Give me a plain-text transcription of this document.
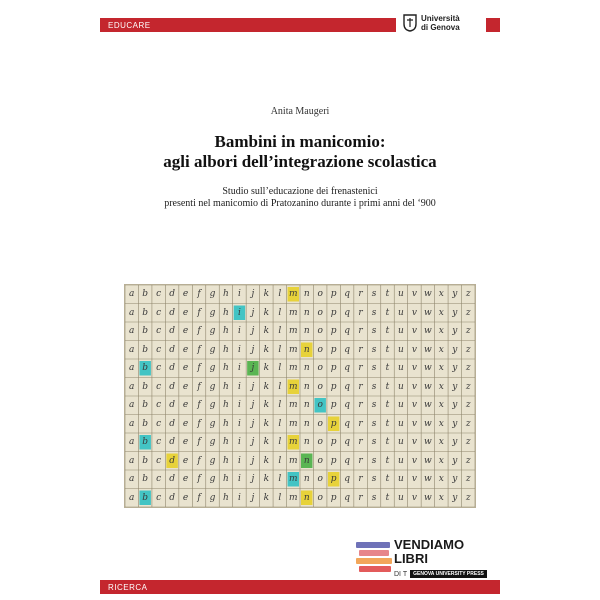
EDUCARE
Università
di Genova
Anita Maugeri
Bambini in manicomio:
agli albori dell’integrazione scolastica
Studio sull’educazione dei frenastenici
presenti nel manicomio di Pratozanino durante i primi anni del ‘900
a b c d e	f g h	i	j	k	l m n o p q r	s	t u v w x y z
a b c d e	f g h	i	j	k	l m n o p q r	s	t u v w x y z
a b c d e	f g h	i	j	k	l m n o p q r	s	t u v w x y z
a b c d e	f g h	i	j	k	l m n o p q r	s	t u v w x y z
a b c d e	f g h	i	j	k	l m n o p q r	s	t u v w x y z
a b c d e	f g h	i	j	k	l m n o p q r	s	t u v w x y z
a b c d e	f g h	i	j	k	l m n o p q r	s	t u v w x y z
a b c d e	f g h	i	j	k	l m n o p q r	s	t u v w x y z
a b c d e	f g h	i	j	k	l m n o p q r	s	t u v w x y z
a b c d e	f g h	i	j	k	l m n o p q r	s	t u v w x y z
a b c d e	f g h	i	j	k	l m n o p q r	s	t u v w x y z
a b c d e	f g h	i	j	k	l m n o p q r	s	t u v w x y z
VENDIAMO
LIBRI
DI T	GENOVA UNIVERSITY PRESS
RICERCA
